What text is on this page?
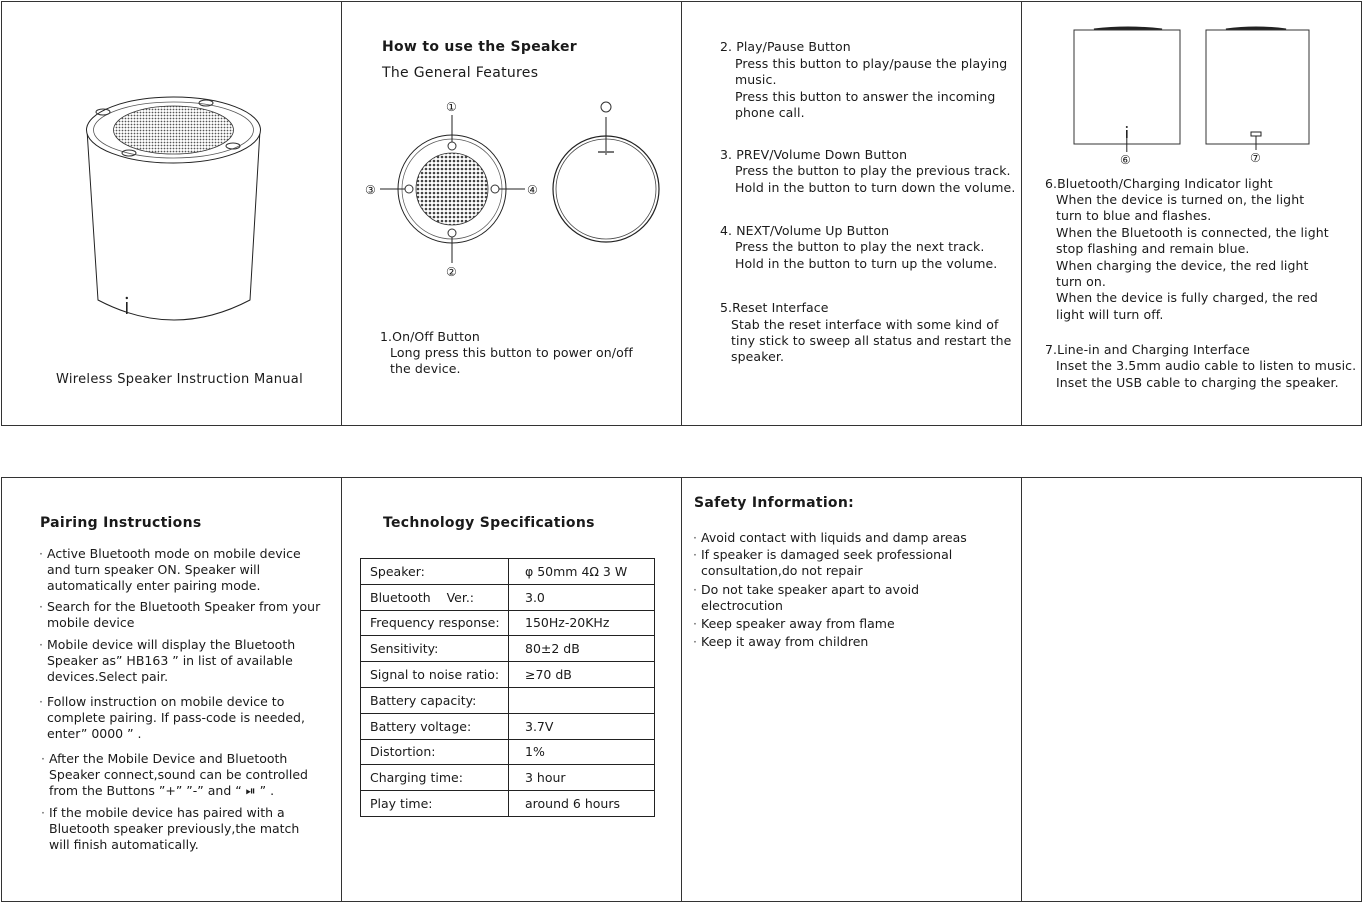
Wireless Speaker Instruction Manual
How to use the Speaker
The General Features
①
②
③	④
1.On/Off Button
Long press this button to power on/off
the device.
2. Play/Pause Button
Press this button to play/pause the playing
music.
Press this button to answer the incoming
phone call.
3. PREV/Volume Down Button
Press the button to play the previous track.
Hold in the button to turn down the volume.
4. NEXT/Volume Up Button
Press the button to play the next track.
Hold in the button to turn up the volume.
5.Reset Interface
Stab the reset interface with some kind of
tiny stick to sweep all status and restart the
speaker.
⑥	⑦
6.Bluetooth/Charging Indicator light
When the device is turned on, the light
turn to blue and flashes.
When the Bluetooth is connected, the light
stop flashing and remain blue.
When charging the device, the red light
turn on.
When the device is fully charged, the red
light will turn off.
7.Line-in and Charging Interface
Inset the 3.5mm audio cable to listen to music.
Inset the USB cable to charging the speaker.
Pairing Instructions
· Active Bluetooth mode on mobile device
and turn speaker ON. Speaker will
automatically enter pairing mode.
· Search for the Bluetooth Speaker from your
mobile device
· Mobile device will display the Bluetooth
Speaker as” HB163 ” in list of available
devices.Select pair.
· Follow instruction on mobile device to
complete pairing. If pass-code is needed,
enter” 0000 ” .
· After the Mobile Device and Bluetooth
Speaker connect,sound can be controlled
from the Buttons ”+” ”-” and “ ⏯ ” .
· If the mobile device has paired with a
Bluetooth speaker previously,the match
will finish automatically.
Technology Specifications
Speaker:	φ 50mm 4Ω 3 W
Bluetooth    Ver.:	3.0
Frequency response:	150Hz-20KHz
Sensitivity:	80±2 dB
Signal to noise ratio:	≥70 dB
Battery capacity:	
Battery voltage:	3.7V
Distortion:	1%
Charging time:	3 hour
Play time:	around 6 hours
Safety Information:
· Avoid contact with liquids and damp areas
· If speaker is damaged seek professional
consultation,do not repair
· Do not take speaker apart to avoid
electrocution
· Keep speaker away from flame
· Keep it away from children
